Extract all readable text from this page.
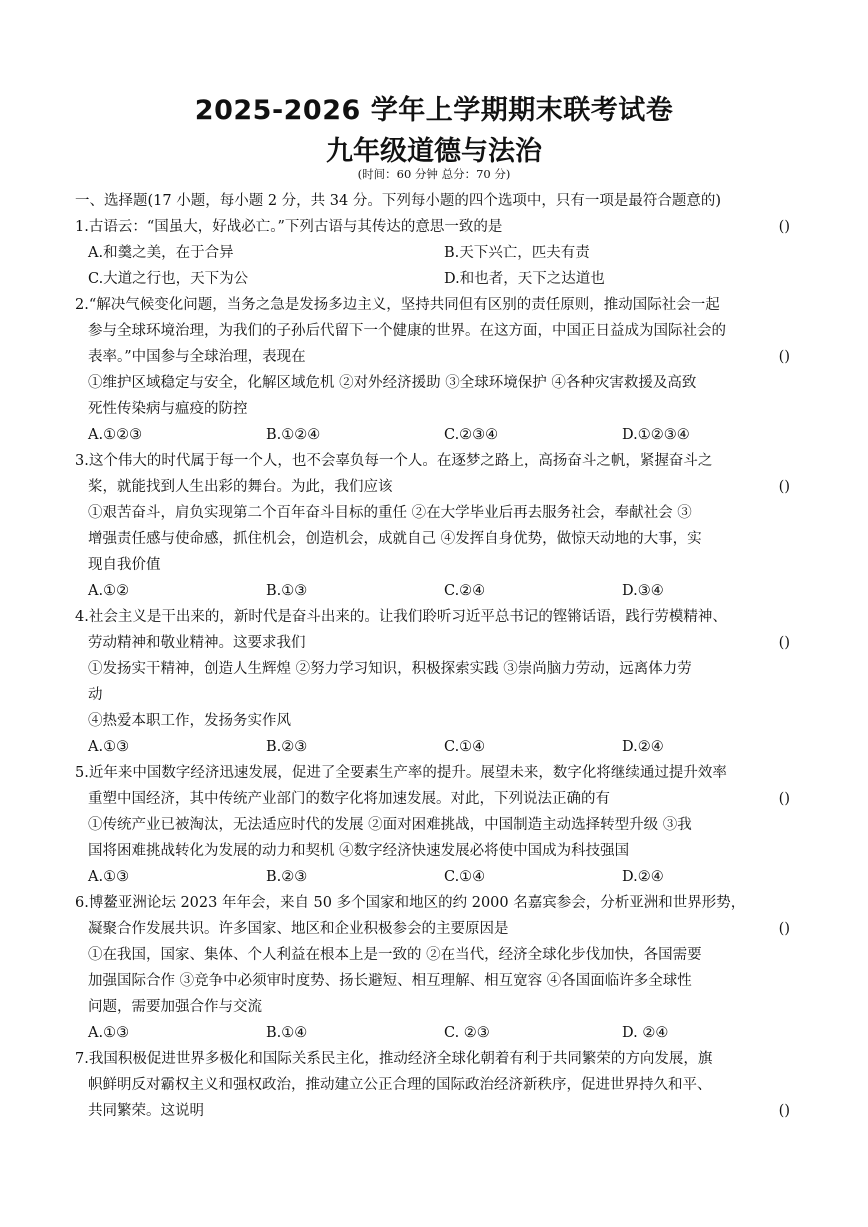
2025-2026 学年上学期期末联考试卷
九年级道德与法治
(时间：60 分钟 总分：70 分)
一、选择题(17 小题，每小题 2 分，共 34 分。下列每小题的四个选项中，只有一项是最符合题意的)
1.古语云：“国虽大，好战必亡。”下列古语与其传达的意思一致的是	()
A.和羹之美，在于合异	B.天下兴亡，匹夫有责
C.大道之行也，天下为公	D.和也者，天下之达道也
2.“解决气候变化问题，当务之急是发扬多边主义，坚持共同但有区别的责任原则，推动国际社会一起
参与全球环境治理，为我们的子孙后代留下一个健康的世界。在这方面，中国正日益成为国际社会的
表率。”中国参与全球治理，表现在	()
①维护区域稳定与安全，化解区域危机 ②对外经济援助 ③全球环境保护 ④各种灾害救援及高致
死性传染病与瘟疫的防控
A.①②③	B.①②④	C.②③④	D.①②③④
3.这个伟大的时代属于每一个人，也不会辜负每一个人。在逐梦之路上，高扬奋斗之帆，紧握奋斗之
桨，就能找到人生出彩的舞台。为此，我们应该	()
①艰苦奋斗，肩负实现第二个百年奋斗目标的重任 ②在大学毕业后再去服务社会，奉献社会 ③
增强责任感与使命感，抓住机会，创造机会，成就自己 ④发挥自身优势，做惊天动地的大事，实
现自我价值
A.①②	B.①③	C.②④	D.③④
4.社会主义是干出来的，新时代是奋斗出来的。让我们聆听习近平总书记的铿锵话语，践行劳模精神、
劳动精神和敬业精神。这要求我们	()
①发扬实干精神，创造人生辉煌 ②努力学习知识，积极探索实践 ③崇尚脑力劳动，远离体力劳
动
④热爱本职工作，发扬务实作风
A.①③	B.②③	C.①④	D.②④
5.近年来中国数字经济迅速发展，促进了全要素生产率的提升。展望未来，数字化将继续通过提升效率
重塑中国经济，其中传统产业部门的数字化将加速发展。对此，下列说法正确的有	()
①传统产业已被淘汰，无法适应时代的发展 ②面对困难挑战，中国制造主动选择转型升级 ③我
国将困难挑战转化为发展的动力和契机 ④数字经济快速发展必将使中国成为科技强国
A.①③	B.②③	C.①④	D.②④
6.博鳌亚洲论坛 2023 年年会，来自 50 多个国家和地区的约 2000 名嘉宾参会，分析亚洲和世界形势，
凝聚合作发展共识。许多国家、地区和企业积极参会的主要原因是	()
①在我国，国家、集体、个人利益在根本上是一致的 ②在当代，经济全球化步伐加快，各国需要
加强国际合作 ③竞争中必须审时度势、扬长避短、相互理解、相互宽容 ④各国面临许多全球性
问题，需要加强合作与交流
A.①③	B.①④	C. ②③	D. ②④
7.我国积极促进世界多极化和国际关系民主化，推动经济全球化朝着有利于共同繁荣的方向发展，旗
帜鲜明反对霸权主义和强权政治，推动建立公正合理的国际政治经济新秩序，促进世界持久和平、
共同繁荣。这说明	()
